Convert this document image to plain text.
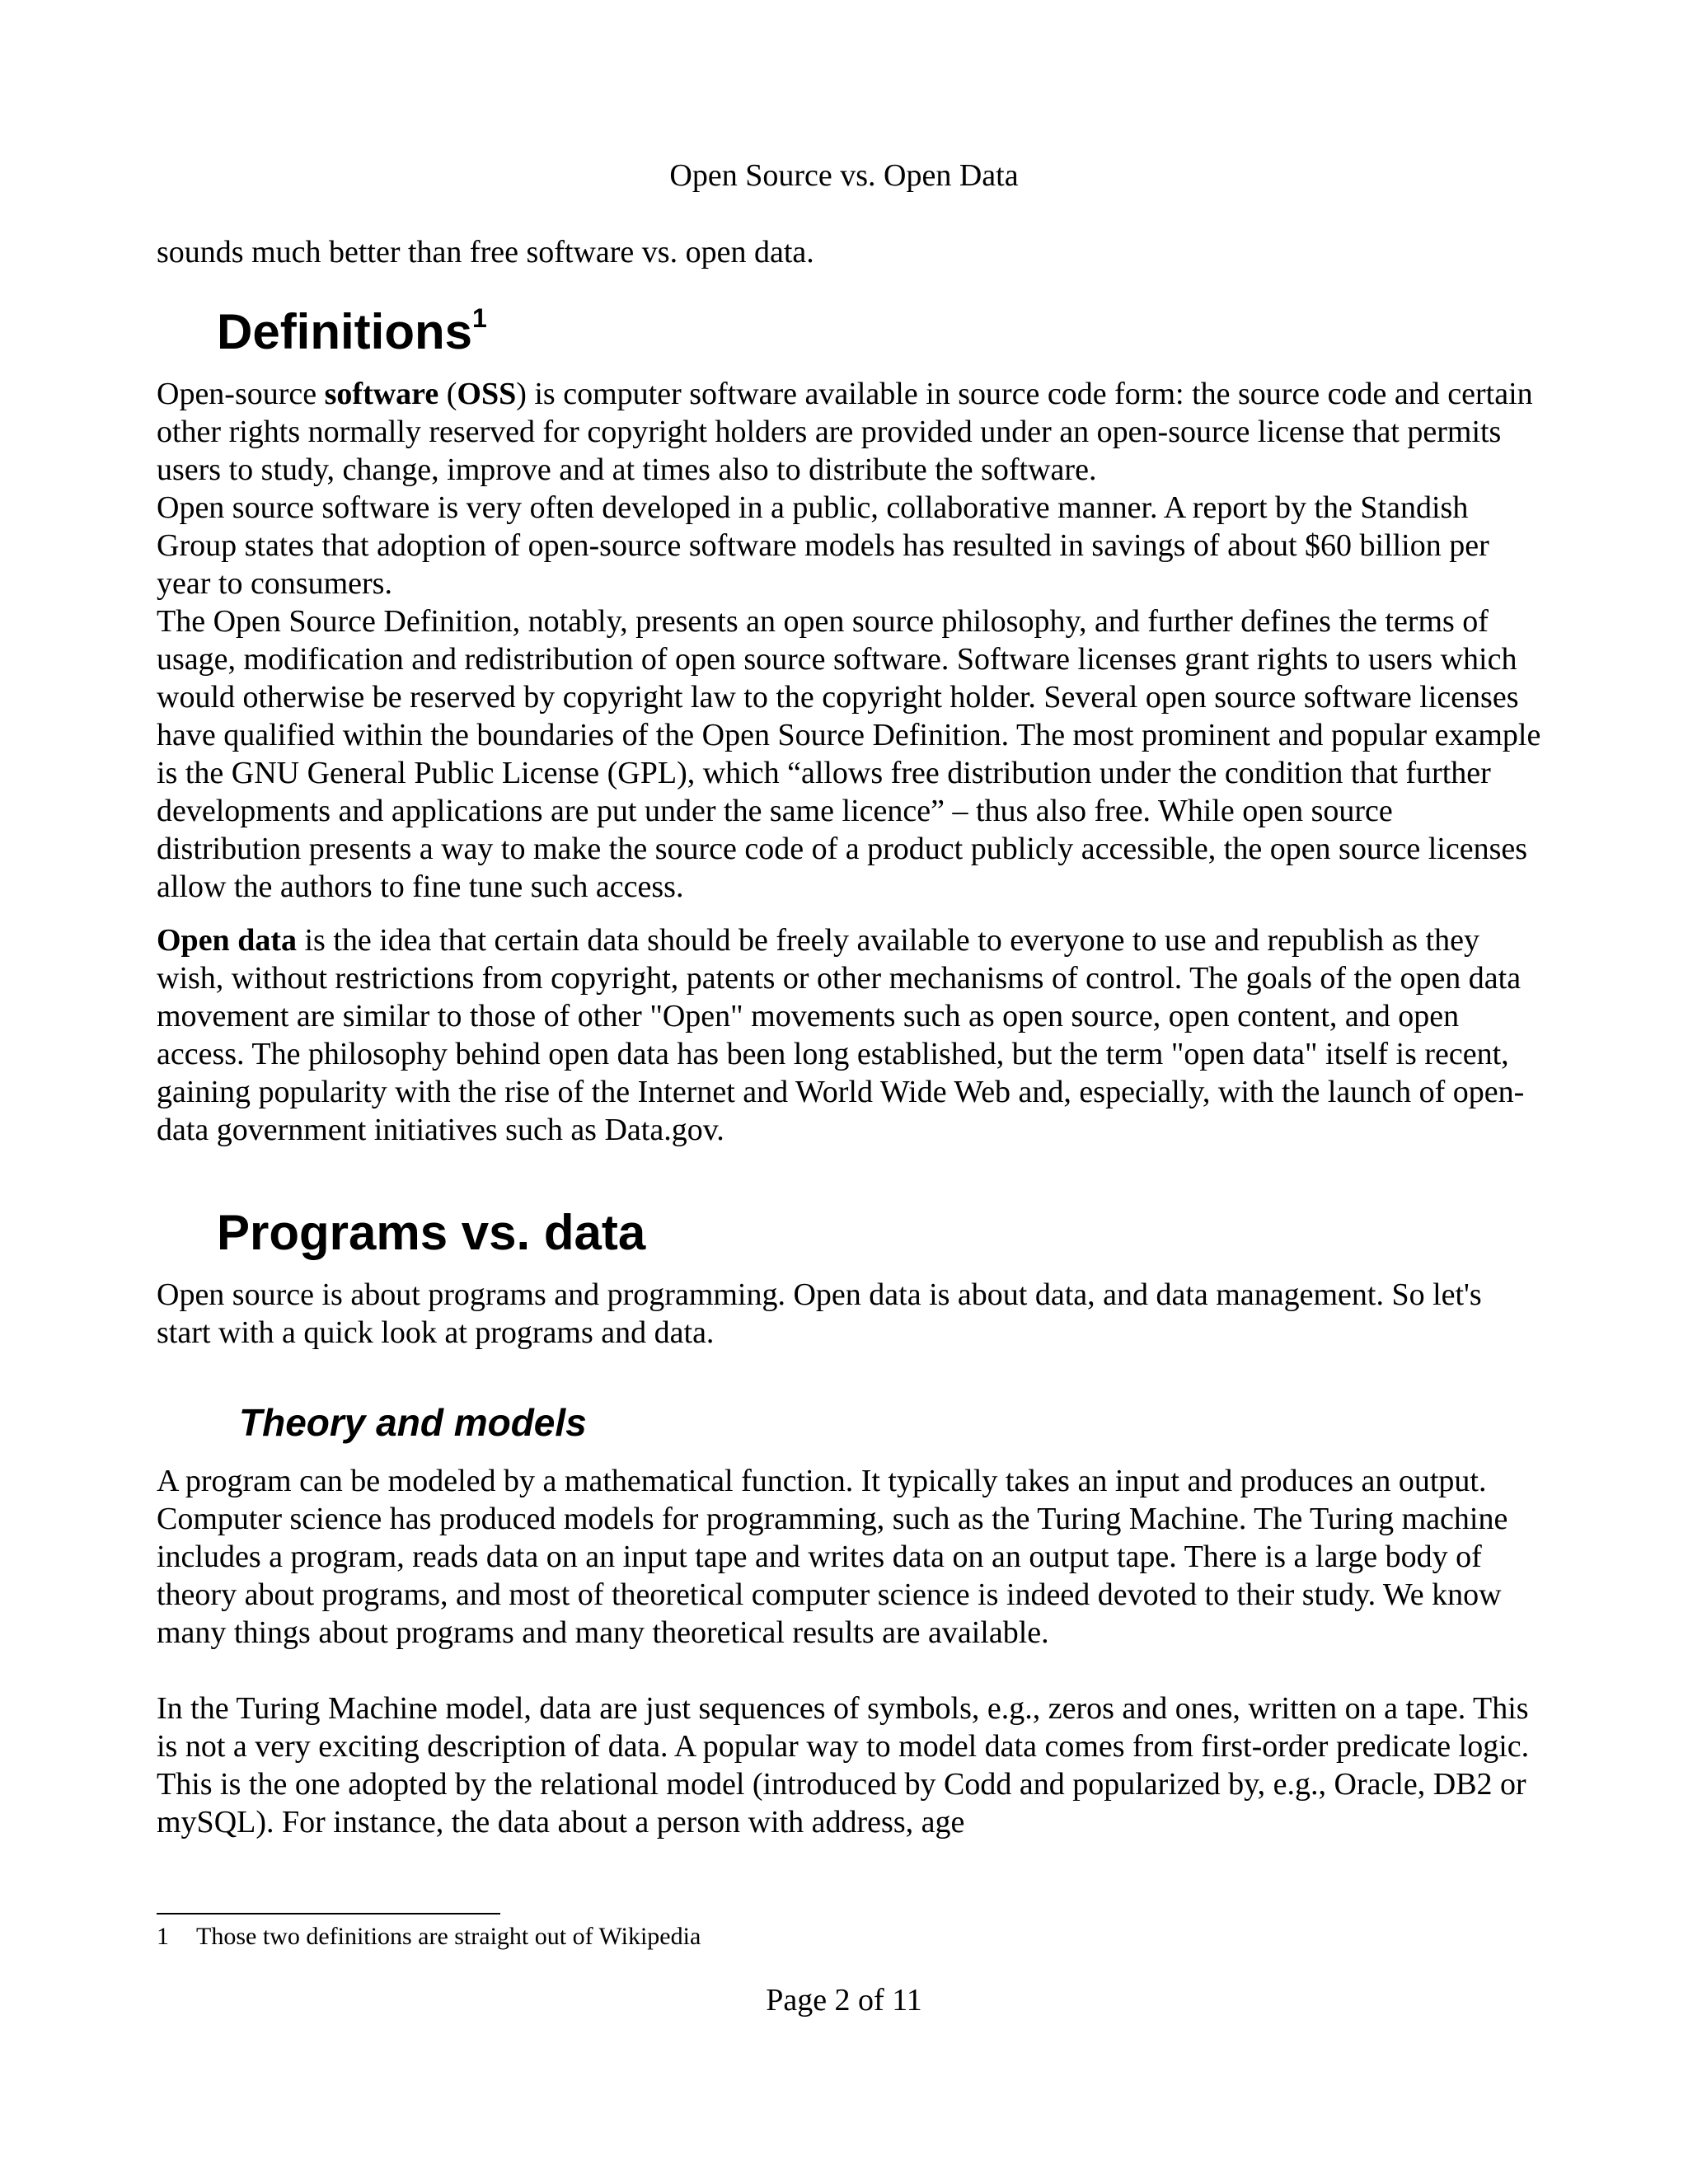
Open Source vs. Open Data

sounds much better than free software vs. open data.

Definitions$^1$

Open-source software (OSS) is computer software available in source code form: the source code and certain other rights normally reserved for copyright holders are provided under an open-source license that permits users to study, change, improve and at times also to distribute the software.

Open source software is very often developed in a public, collaborative manner. A report by the Standish Group states that adoption of open-source software models has resulted in savings of about $60 billion per year to consumers.

The Open Source Definition, notably, presents an open source philosophy, and further defines the terms of usage, modification and redistribution of open source software. Software licenses grant rights to users which would otherwise be reserved by copyright law to the copyright holder. Several open source software licenses have qualified within the boundaries of the Open Source Definition. The most prominent and popular example is the GNU General Public License (GPL), which “allows free distribution under the condition that further developments and applications are put under the same licence” – thus also free. While open source distribution presents a way to make the source code of a product publicly accessible, the open source licenses allow the authors to fine tune such access.

Open data is the idea that certain data should be freely available to everyone to use and republish as they wish, without restrictions from copyright, patents or other mechanisms of control. The goals of the open data movement are similar to those of other "Open" movements such as open source, open content, and open access. The philosophy behind open data has been long established, but the term "open data" itself is recent, gaining popularity with the rise of the Internet and World Wide Web and, especially, with the launch of open-data government initiatives such as Data.gov.

Programs vs. data

Open source is about programs and programming. Open data is about data, and data management. So let's start with a quick look at programs and data.

Theory and models

A program can be modeled by a mathematical function. It typically takes an input and produces an output. Computer science has produced models for programming, such as the Turing Machine. The Turing machine includes a program, reads data on an input tape and writes data on an output tape. There is a large body of theory about programs, and most of theoretical computer science is indeed devoted to their study. We know many things about programs and many theoretical results are available.

In the Turing Machine model, data are just sequences of symbols, e.g., zeros and ones, written on a tape. This is not a very exciting description of data. A popular way to model data comes from first-order predicate logic. This is the one adopted by the relational model (introduced by Codd and popularized by, e.g., Oracle, DB2 or mySQL). For instance, the data about a person with address, age

1 Those two definitions are straight out of Wikipedia
Page 2 of 11
